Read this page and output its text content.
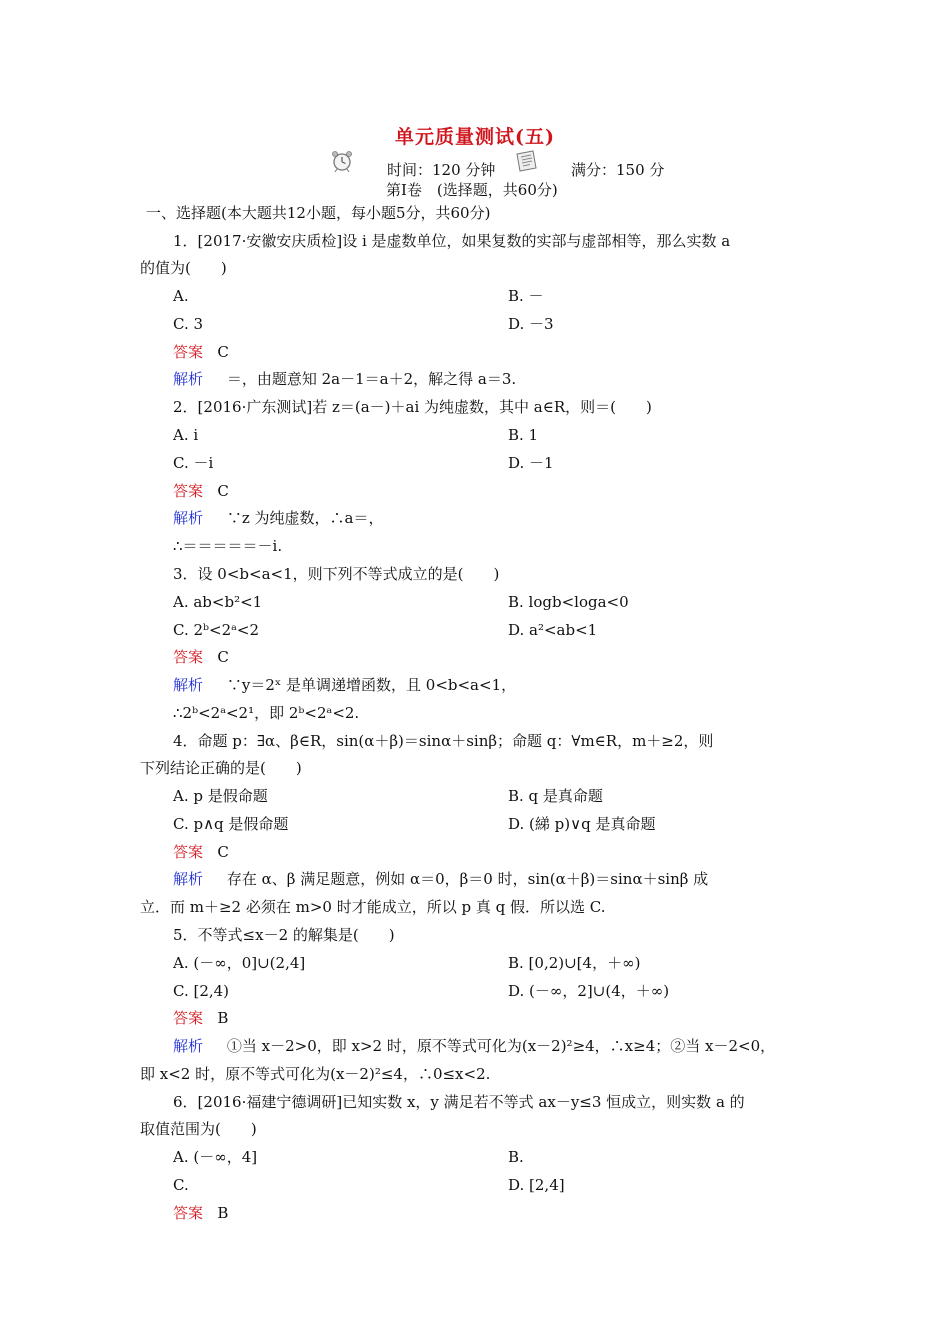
单元质量测试(五)
时间：120 分钟	满分：150 分
第Ⅰ卷　(选择题，共60分)
一、选择题(本大题共12小题，每小题5分，共60分)
1．[2017·安徽安庆质检]设 i 是虚数单位，如果复数的实部与虚部相等，那么实数 a
的值为(　　)
A.	B. －
C. 3	D. －3
答案 C
解析 ＝，由题意知 2a－1＝a＋2，解之得 a＝3.
2．[2016·广东测试]若 z＝(a－)＋ai 为纯虚数，其中 a∈R，则＝(　　)
A. i	B. 1
C. －i	D. －1
答案 C
解析 ∵z 为纯虚数，∴a＝，
∴＝＝＝＝＝－i.
3．设 0<b<a<1，则下列不等式成立的是(　　)
A. ab<b²<1	B. logb<loga<0
C. 2ᵇ<2ᵃ<2	D. a²<ab<1
答案 C
解析 ∵y＝2ˣ 是单调递增函数，且 0<b<a<1，
∴2ᵇ<2ᵃ<2¹，即 2ᵇ<2ᵃ<2.
4．命题 p：∃α、β∈R，sin(α＋β)＝sinα＋sinβ；命题 q：∀m∈R，m＋≥2，则
下列结论正确的是(　　)
A. p 是假命题	B. q 是真命题
C. p∧q 是假命题	D. (綈 p)∨q 是真命题
答案 C
解析 存在 α、β 满足题意，例如 α＝0，β＝0 时，sin(α＋β)＝sinα＋sinβ 成
立．而 m＋≥2 必须在 m>0 时才能成立，所以 p 真 q 假．所以选 C.
5．不等式≤x－2 的解集是(　　)
A. (－∞，0]∪(2,4]	B. [0,2)∪[4，＋∞)
C. [2,4)	D. (－∞，2]∪(4，＋∞)
答案 B
解析 ①当 x－2>0，即 x>2 时，原不等式可化为(x－2)²≥4，∴x≥4；②当 x－2<0，
即 x<2 时，原不等式可化为(x－2)²≤4，∴0≤x<2.
6．[2016·福建宁德调研]已知实数 x，y 满足若不等式 ax－y≤3 恒成立，则实数 a 的
取值范围为(　　)
A. (－∞，4]	B.
C.	D. [2,4]
答案 B
